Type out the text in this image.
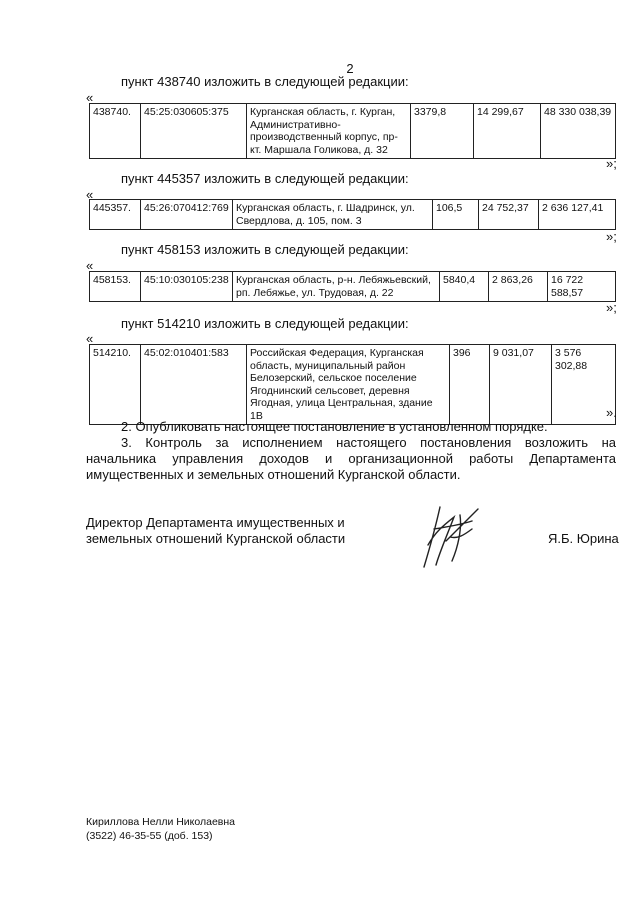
2
пункт 438740 изложить в следующей редакции:
«
438740.	45:25:030605:375	Курганская область, г. Курган, Административно-производственный корпус, пр-кт. Маршала Голикова, д. 32	3379,8	14 299,67	48 330 038,39
»;
пункт 445357 изложить в следующей редакции:
«
445357.	45:26:070412:769	Курганская область, г. Шадринск, ул. Свердлова, д. 105, пом. 3	106,5	24 752,37	2 636 127,41
»;
пункт 458153 изложить в следующей редакции:
«
458153.	45:10:030105:238	Курганская область, р-н. Лебяжьевский, рп. Лебяжье, ул. Трудовая, д. 22	5840,4	2 863,26	16 722 588,57
»;
пункт 514210 изложить в следующей редакции:
«
514210.	45:02:010401:583	Российская Федерация, Курганская область, муниципальный район Белозерский, сельское поселение Ягоднинский сельсовет, деревня Ягодная, улица Центральная, здание 1В	396	9 031,07	3 576 302,88
».
2. Опубликовать настоящее постановление в установленном порядке.
3. Контроль за исполнением настоящего постановления возложить на начальника управления доходов и организационной работы Департамента имущественных и земельных отношений Курганской области.
Директор Департамента имущественных и
земельных отношений Курганской области	Я.Б. Юрина
Кириллова Нелли Николаевна
(3522) 46-35-55 (доб. 153)
